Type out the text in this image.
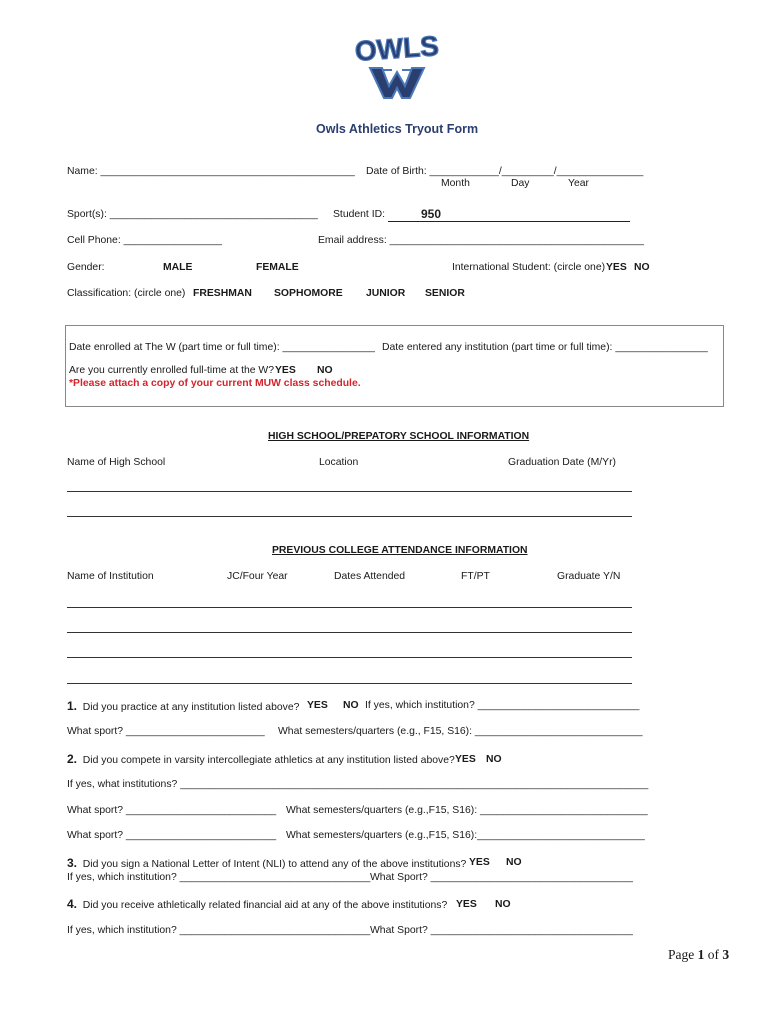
OWLS
Owls Athletics Tryout Form
Name: ____________________________________________ Date of Birth: ____________/_________/_______________
Month	Day	Year
Sport(s): ____________________________________ Student ID:	950
Cell Phone: _________________	Email address: ____________________________________________
Gender:	MALE	FEMALE	International Student: (circle one) YES NO
Classification: (circle one) FRESHMAN SOPHOMORE JUNIOR SENIOR
Date enrolled at The W (part time or full time): ________________ Date entered any institution (part time or full time): ________________
Are you currently enrolled full-time at the W? YES NO
*Please attach a copy of your current MUW class schedule.
HIGH SCHOOL/PREPATORY SCHOOL INFORMATION
Name of High School	Location	Graduation Date (M/Yr)
PREVIOUS COLLEGE ATTENDANCE INFORMATION
Name of Institution	JC/Four Year	Dates Attended	FT/PT	Graduate Y/N
1. Did you practice at any institution listed above? YES NO If yes, which institution? ____________________________
What sport? ________________________ What semesters/quarters (e.g., F15, S16): _____________________________
2. Did you compete in varsity intercollegiate athletics at any institution listed above? YES NO
If yes, what institutions? _________________________________________________________________________________
What sport? __________________________ What semesters/quarters (e.g.,F15, S16): _____________________________
What sport? __________________________ What semesters/quarters (e.g.,F15, S16):_____________________________
3. Did you sign a National Letter of Intent (NLI) to attend any of the above institutions? YES NO
If yes, which institution? _________________________________ What Sport? ___________________________________
4. Did you receive athletically related financial aid at any of the above institutions? YES NO
If yes, which institution? _________________________________ What Sport? ___________________________________
Page 1 of 3
